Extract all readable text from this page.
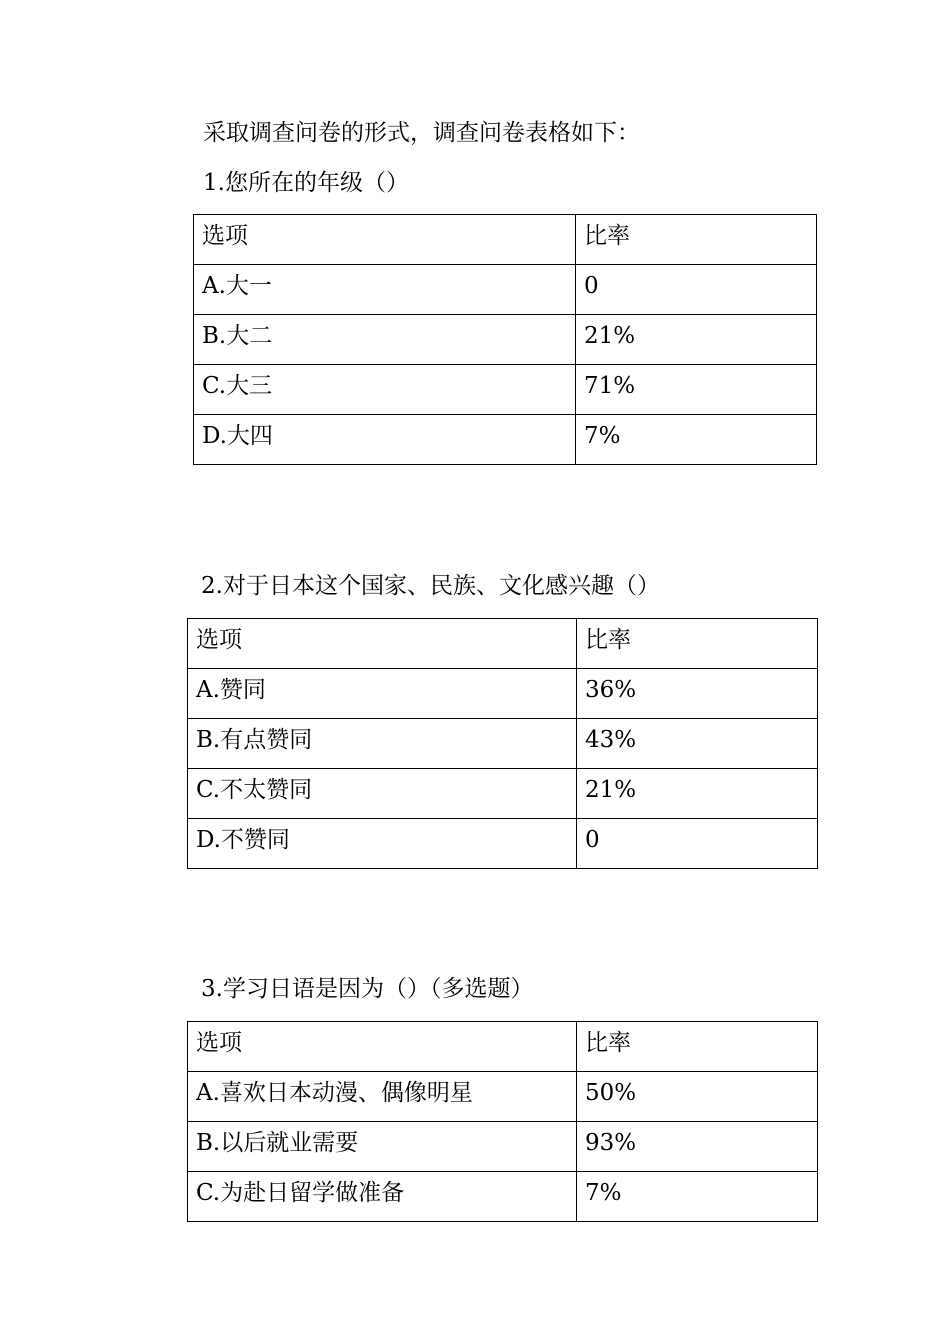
采取调查问卷的形式，调查问卷表格如下：

1.您所在的年级（）

选项	比率

A.大一	0

B.大二	21%

C.大三	71%

D.大四	7%

2.对于日本这个国家、民族、文化感兴趣（）

选项	比率

A.赞同	36%

B.有点赞同	43%

C.不太赞同	21%

D.不赞同	0

3.学习日语是因为（）（多选题）

选项	比率

A.喜欢日本动漫、偶像明星	50%

B.以后就业需要	93%

C.为赴日留学做准备	7%
